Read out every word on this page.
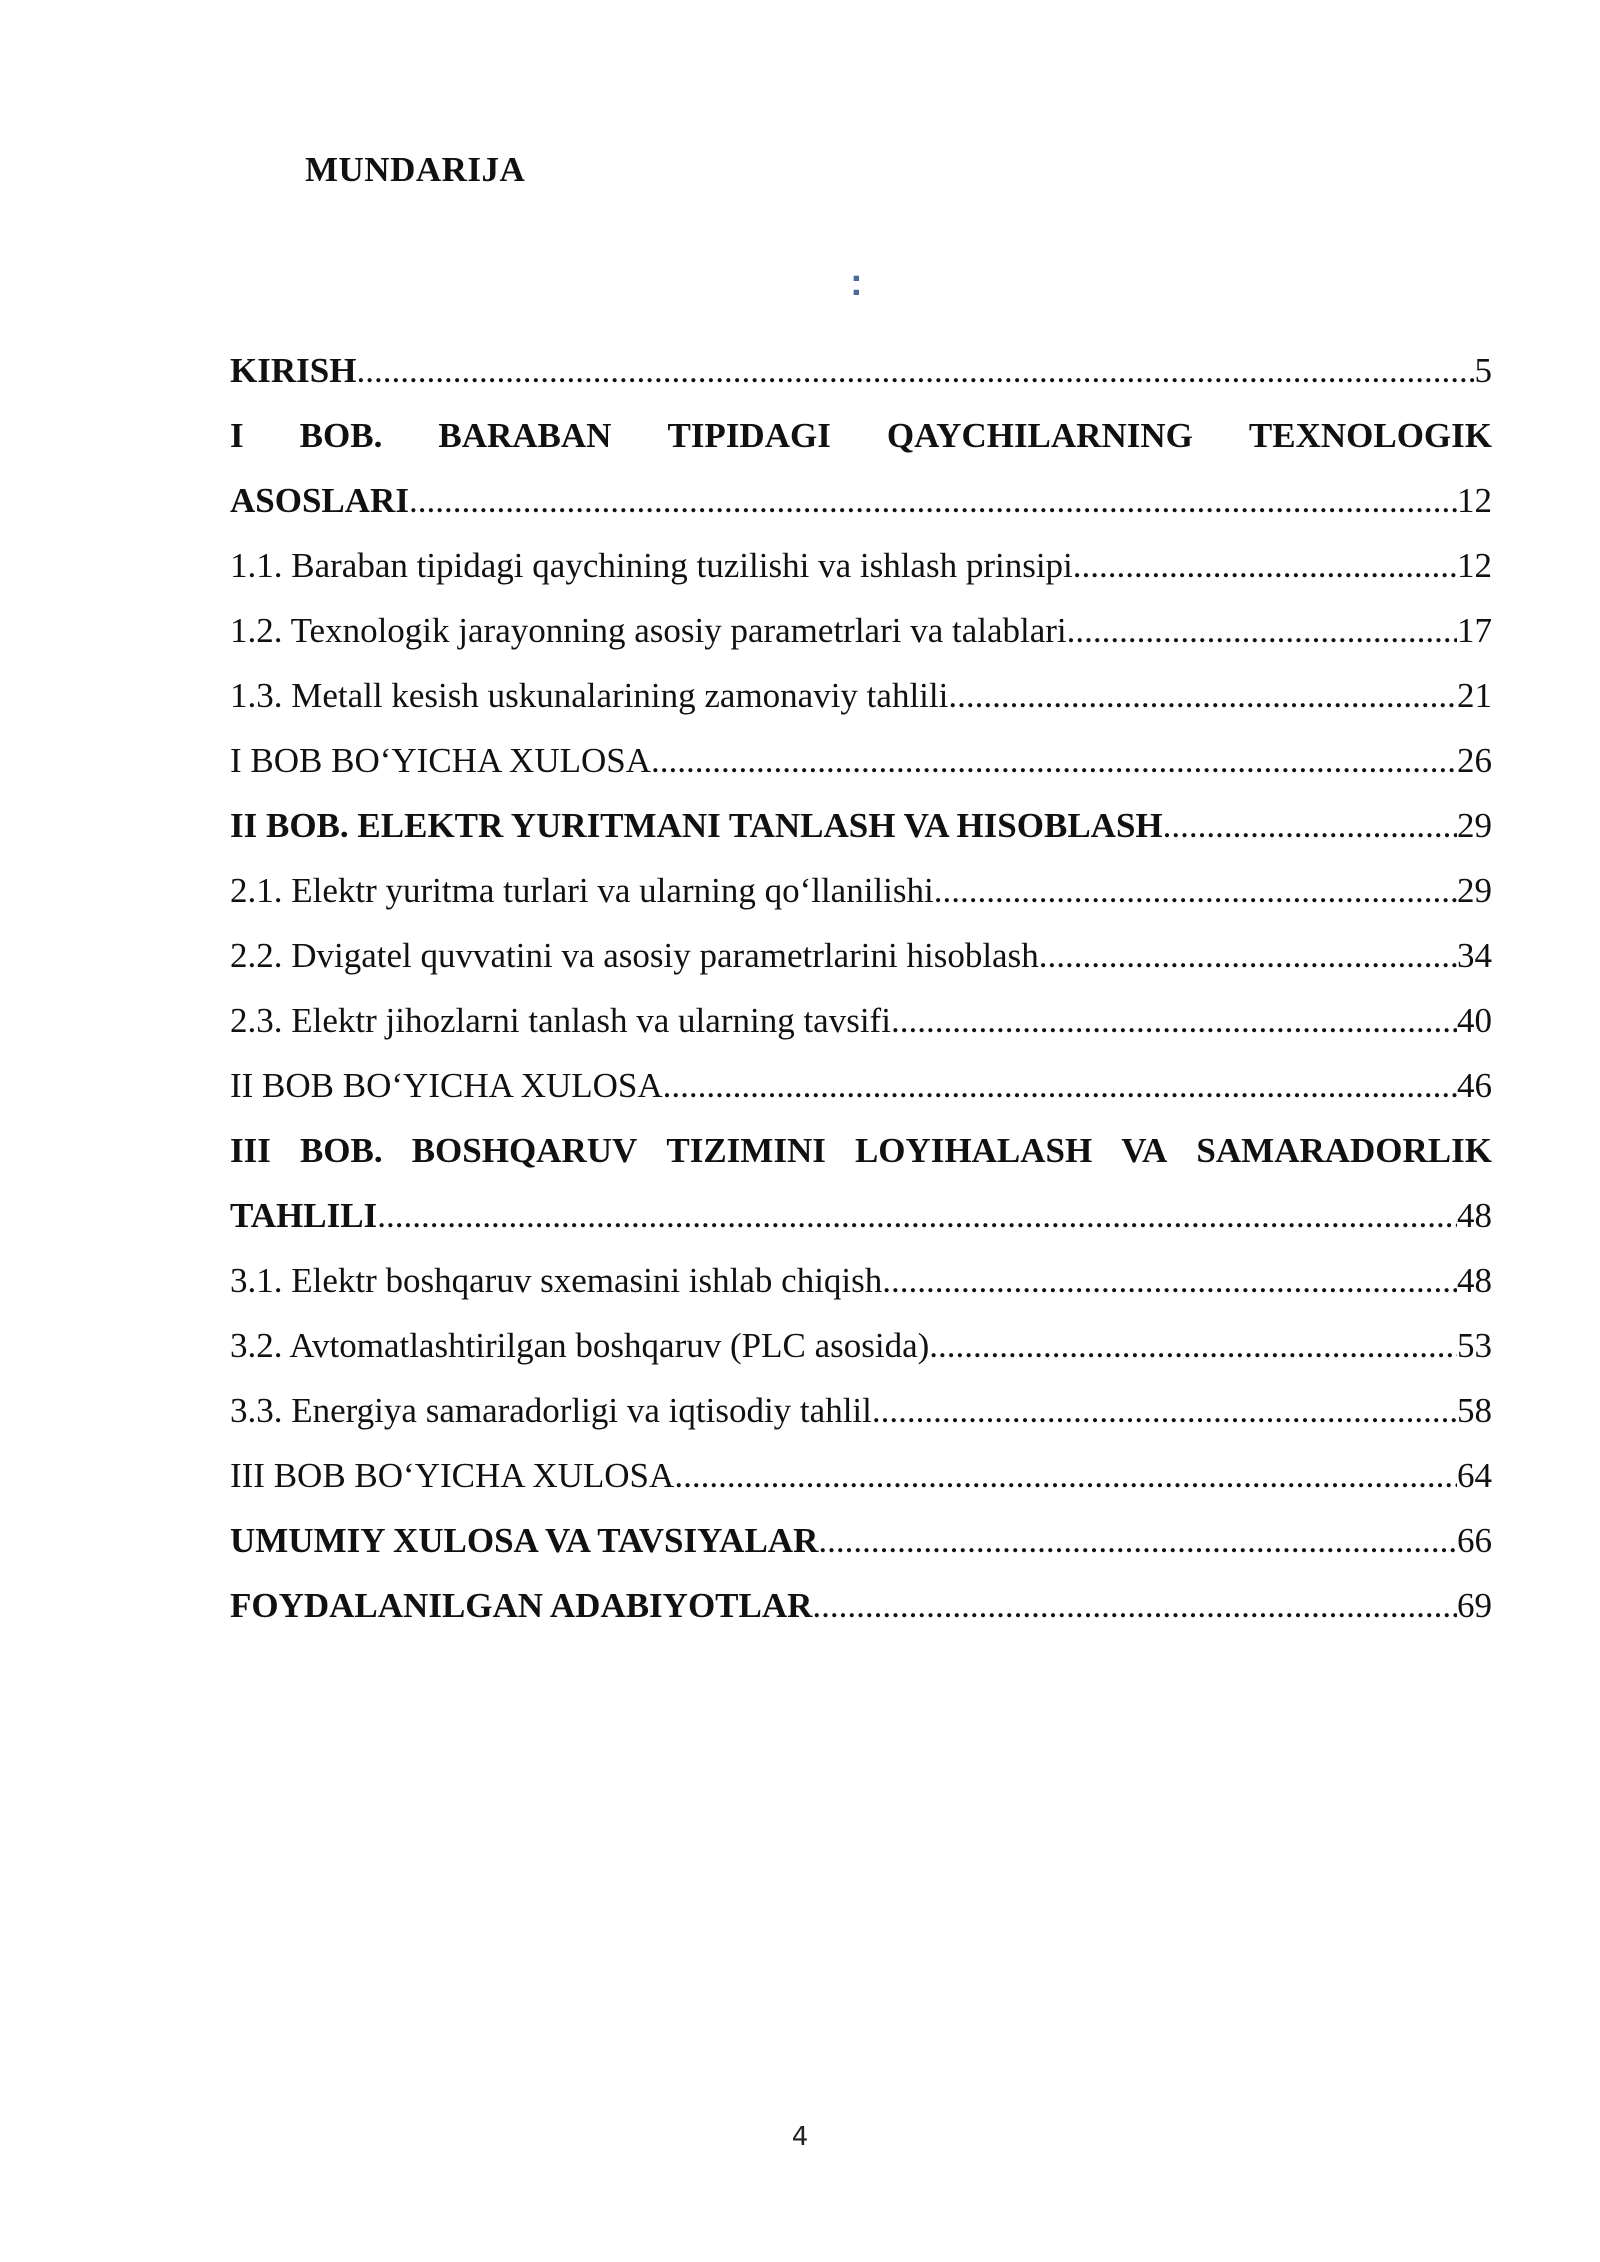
MUNDARIJA
:
KIRISH .....	5
I BOB. BARABAN TIPIDAGI QAYCHILARNING TEXNOLOGIK
ASOSLARI .....	12
1.1. Baraban tipidagi qaychining tuzilishi va ishlash prinsipi .....	12
1.2. Texnologik jarayonning asosiy parametrlari va talablari .....	17
1.3. Metall kesish uskunalarining zamonaviy tahlili .....	21
I BOB BO‘YICHA XULOSA .....	26
II BOB. ELEKTR YURITMANI TANLASH VA HISOBLASH .....	29
2.1. Elektr yuritma turlari va ularning qo‘llanilishi .....	29
2.2. Dvigatel quvvatini va asosiy parametrlarini hisoblash .....	34
2.3. Elektr jihozlarni tanlash va ularning tavsifi .....	40
II BOB BO‘YICHA XULOSA .....	46
III BOB. BOSHQARUV TIZIMINI LOYIHALASH VA SAMARADORLIK
TAHLILI .....	48
3.1. Elektr boshqaruv sxemasini ishlab chiqish .....	48
3.2. Avtomatlashtirilgan boshqaruv (PLC asosida) .....	53
3.3. Energiya samaradorligi va iqtisodiy tahlil .....	58
III BOB BO‘YICHA XULOSA .....	64
UMUMIY XULOSA VA TAVSIYALAR .....	66
FOYDALANILGAN ADABIYOTLAR .....	69
4
